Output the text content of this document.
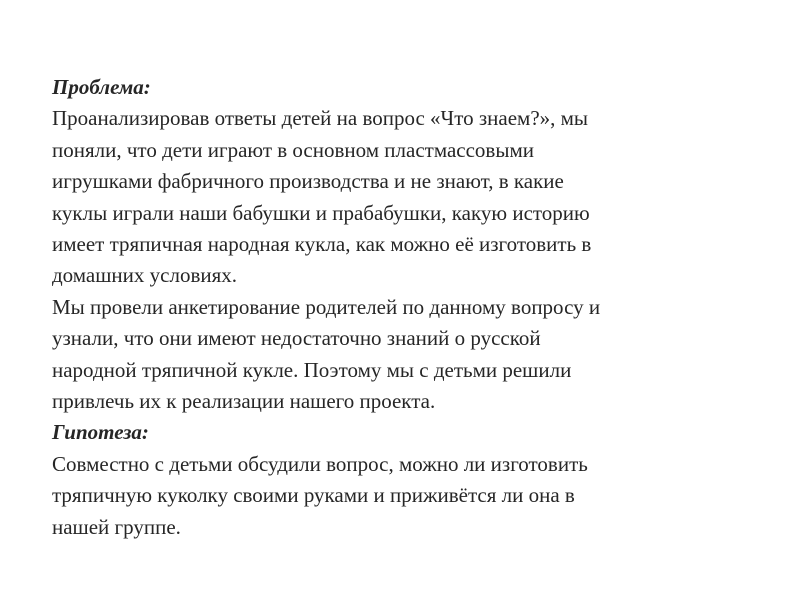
Проблема:
Проанализировав ответы детей на вопрос «Что знаем?», мы
поняли, что дети играют в основном пластмассовыми
игрушками фабричного производства и не знают, в какие
куклы играли наши бабушки и прабабушки, какую историю
имеет тряпичная народная кукла, как можно её изготовить в
домашних условиях.
Мы провели анкетирование родителей по данному вопросу и
узнали, что они имеют недостаточно знаний о русской
народной тряпичной кукле. Поэтому мы с детьми решили
привлечь их к реализации нашего проекта.
Гипотеза:
Совместно с детьми обсудили вопрос, можно ли изготовить
тряпичную куколку своими руками и приживётся ли она в
нашей группе.
